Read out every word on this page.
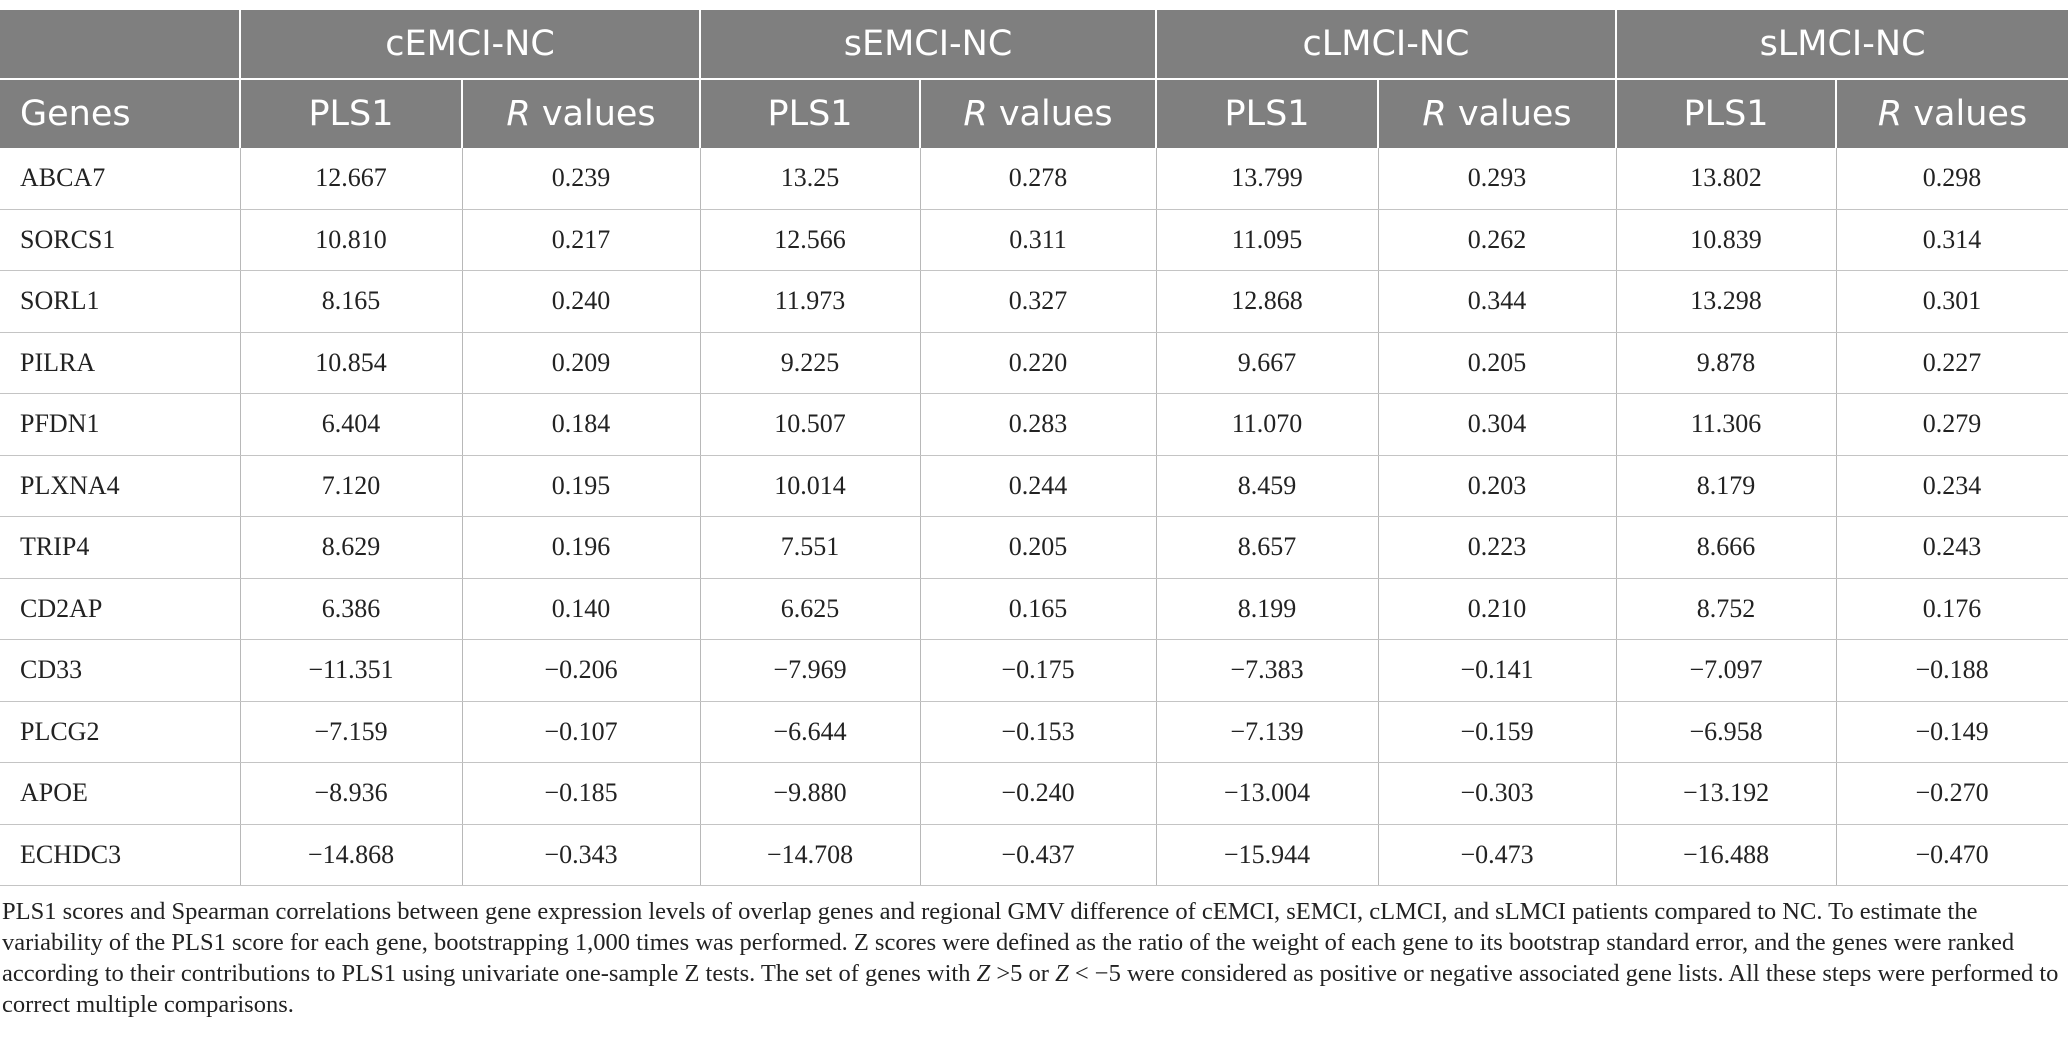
	cEMCI-NC		sEMCI-NC		cLMCI-NC		sLMCI-NC	
Genes	PLS1	R values	PLS1	R values	PLS1	R values	PLS1	R values
ABCA7	12.667	0.239	13.25	0.278	13.799	0.293	13.802	0.298
SORCS1	10.810	0.217	12.566	0.311	11.095	0.262	10.839	0.314
SORL1	8.165	0.240	11.973	0.327	12.868	0.344	13.298	0.301
PILRA	10.854	0.209	9.225	0.220	9.667	0.205	9.878	0.227
PFDN1	6.404	0.184	10.507	0.283	11.070	0.304	11.306	0.279
PLXNA4	7.120	0.195	10.014	0.244	8.459	0.203	8.179	0.234
TRIP4	8.629	0.196	7.551	0.205	8.657	0.223	8.666	0.243
CD2AP	6.386	0.140	6.625	0.165	8.199	0.210	8.752	0.176
CD33	−11.351	−0.206	−7.969	−0.175	−7.383	−0.141	−7.097	−0.188
PLCG2	−7.159	−0.107	−6.644	−0.153	−7.139	−0.159	−6.958	−0.149
APOE	−8.936	−0.185	−9.880	−0.240	−13.004	−0.303	−13.192	−0.270
ECHDC3	−14.868	−0.343	−14.708	−0.437	−15.944	−0.473	−16.488	−0.470

PLS1 scores and Spearman correlations between gene expression levels of overlap genes and regional GMV difference of cEMCI, sEMCI, cLMCI, and sLMCI patients compared to NC. To estimate the variability of the PLS1 score for each gene, bootstrapping 1,000 times was performed. Z scores were defined as the ratio of the weight of each gene to its bootstrap standard error, and the genes were ranked according to their contributions to PLS1 using univariate one-sample Z tests. The set of genes with Z >5 or Z < −5 were considered as positive or negative associated gene lists. All these steps were performed to correct multiple comparisons.
